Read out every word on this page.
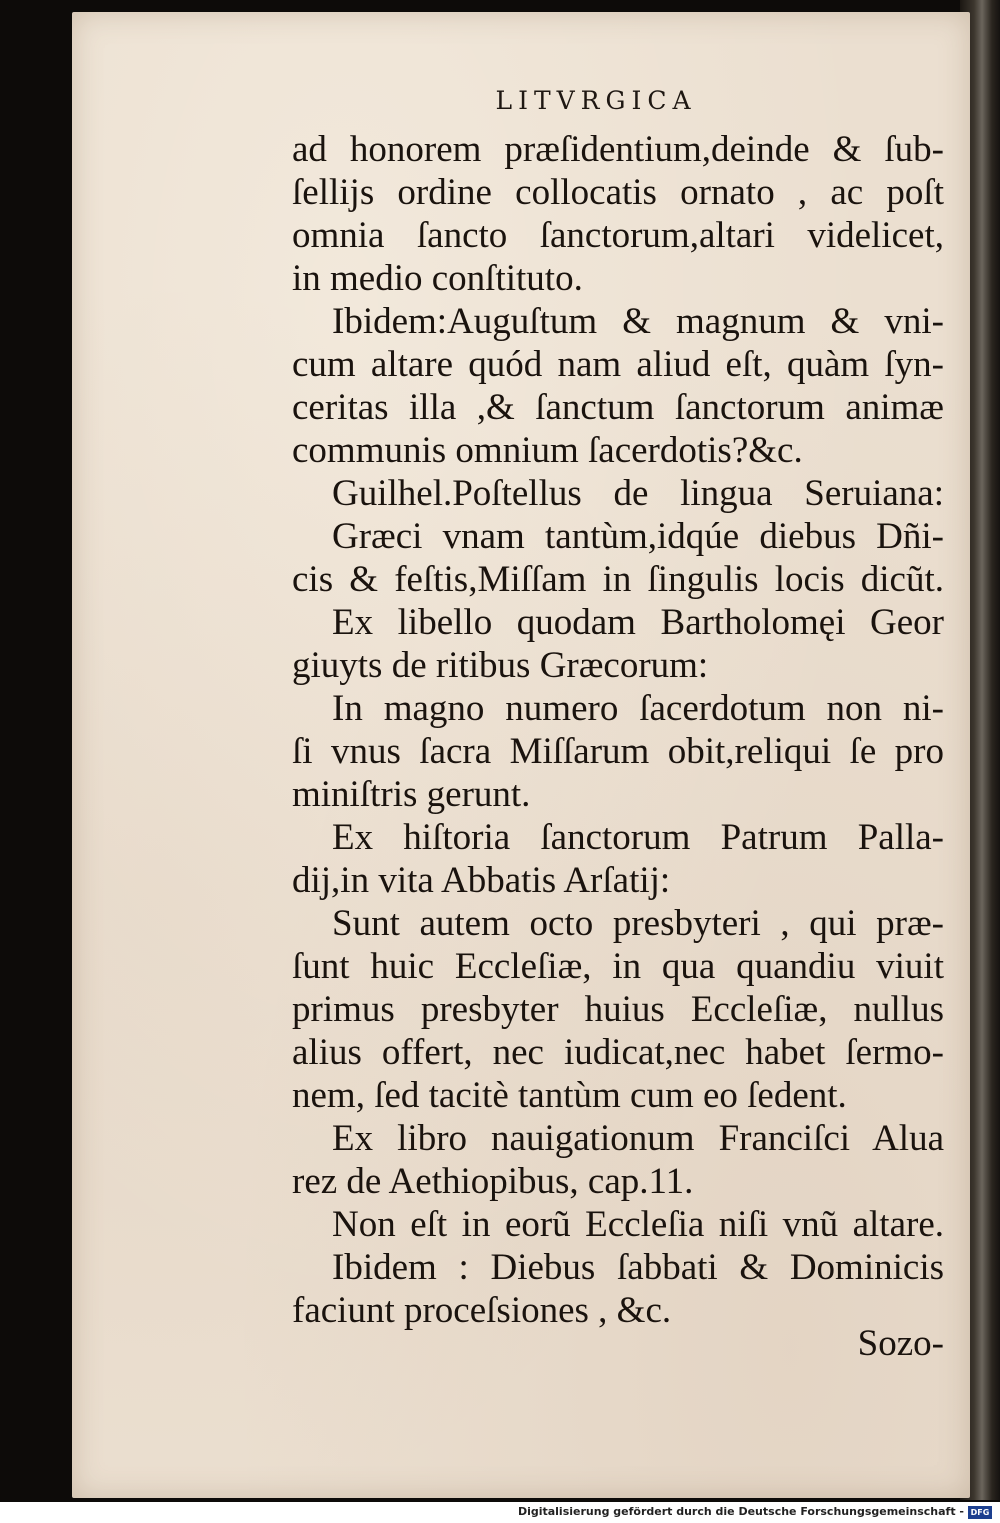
LITVRGICA
ad honorem præſidentium,deinde & ſub-
ſellijs ordine collocatis ornato , ac poſt
omnia ſancto ſanctorum,altari videlicet,
in medio conſtituto.
Ibidem:Auguſtum & magnum & vni-
cum altare quód nam aliud eſt, quàm ſyn-
ceritas illa ,& ſanctum ſanctorum animæ
communis omnium ſacerdotis?&c.
Guilhel.Poſtellus de lingua Seruiana:
Græci vnam tantùm,idqúe diebus Dñi-
cis & feſtis,Miſſam in ſingulis locis dicũt.
Ex libello quodam Bartholomęi Geor
giuyts de ritibus Græcorum:
In magno numero ſacerdotum non ni-
ſi vnus ſacra Miſſarum obit,reliqui ſe pro
miniſtris gerunt.
Ex hiſtoria ſanctorum Patrum Palla-
dij,in vita Abbatis Arſatij:
Sunt autem octo presbyteri , qui præ-
ſunt huic Eccleſiæ, in qua quandiu viuit
primus presbyter huius Eccleſiæ, nullus
alius offert, nec iudicat,nec habet ſermo-
nem, ſed tacitè tantùm cum eo ſedent.
Ex libro nauigationum Franciſci Alua
rez de Aethiopibus, cap.11.
Non eſt in eorũ Eccleſia niſi vnũ altare.
Ibidem : Diebus ſabbati & Dominicis
faciunt proceſsiones , &c.
Sozo-
Digitalisierung gefördert durch die Deutsche Forschungsgemeinschaft - DFG
